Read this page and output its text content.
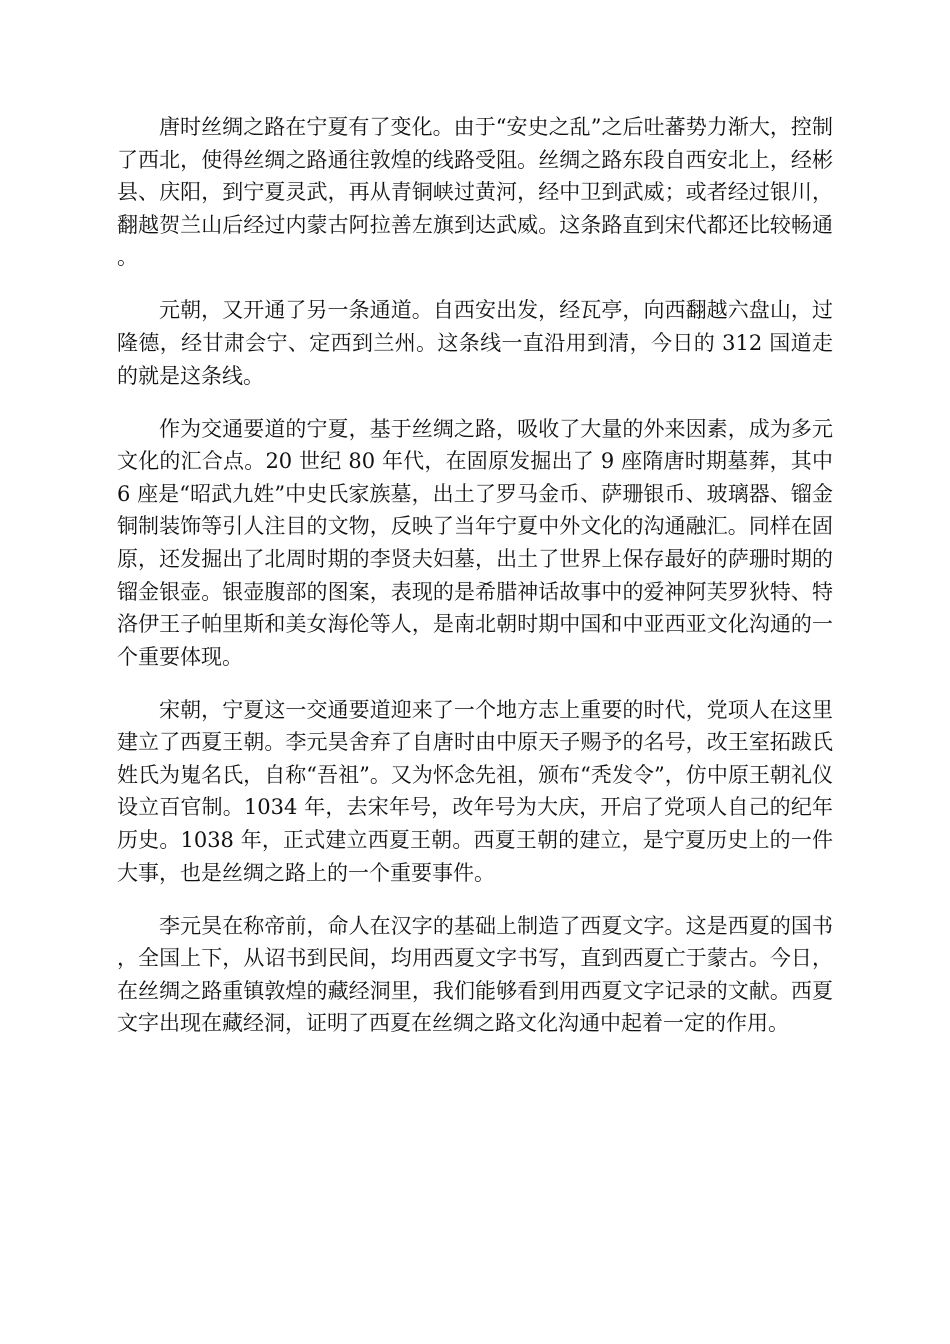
唐时丝绸之路在宁夏有了变化。由于“安史之乱”之后吐蕃势力渐大，控制了西北，使得丝绸之路通往敦煌的线路受阻。丝绸之路东段自西安北上，经彬县、庆阳，到宁夏灵武，再从青铜峡过黄河，经中卫到武威；或者经过银川，翻越贺兰山后经过内蒙古阿拉善左旗到达武威。这条路直到宋代都还比较畅通。

元朝，又开通了另一条通道。自西安出发，经瓦亭，向西翻越六盘山，过隆德，经甘肃会宁、定西到兰州。这条线一直沿用到清，今日的 312 国道走的就是这条线。

作为交通要道的宁夏，基于丝绸之路，吸收了大量的外来因素，成为多元文化的汇合点。20 世纪 80 年代，在固原发掘出了 9 座隋唐时期墓葬，其中 6 座是“昭武九姓”中史氏家族墓，出土了罗马金币、萨珊银币、玻璃器、镏金铜制装饰等引人注目的文物，反映了当年宁夏中外文化的沟通融汇。同样在固原，还发掘出了北周时期的李贤夫妇墓，出土了世界上保存最好的萨珊时期的镏金银壶。银壶腹部的图案，表现的是希腊神话故事中的爱神阿芙罗狄特、特洛伊王子帕里斯和美女海伦等人，是南北朝时期中国和中亚西亚文化沟通的一个重要体现。

宋朝，宁夏这一交通要道迎来了一个地方志上重要的时代，党项人在这里建立了西夏王朝。李元昊舍弃了自唐时由中原天子赐予的名号，改王室拓跋氏姓氏为嵬名氏，自称“吾祖”。又为怀念先祖，颁布“秃发令”，仿中原王朝礼仪设立百官制。1034 年，去宋年号，改年号为大庆，开启了党项人自己的纪年历史。1038 年，正式建立西夏王朝。西夏王朝的建立，是宁夏历史上的一件大事，也是丝绸之路上的一个重要事件。

李元昊在称帝前，命人在汉字的基础上制造了西夏文字。这是西夏的国书，全国上下，从诏书到民间，均用西夏文字书写，直到西夏亡于蒙古。今日，在丝绸之路重镇敦煌的藏经洞里，我们能够看到用西夏文字记录的文献。西夏文字出现在藏经洞，证明了西夏在丝绸之路文化沟通中起着一定的作用。
